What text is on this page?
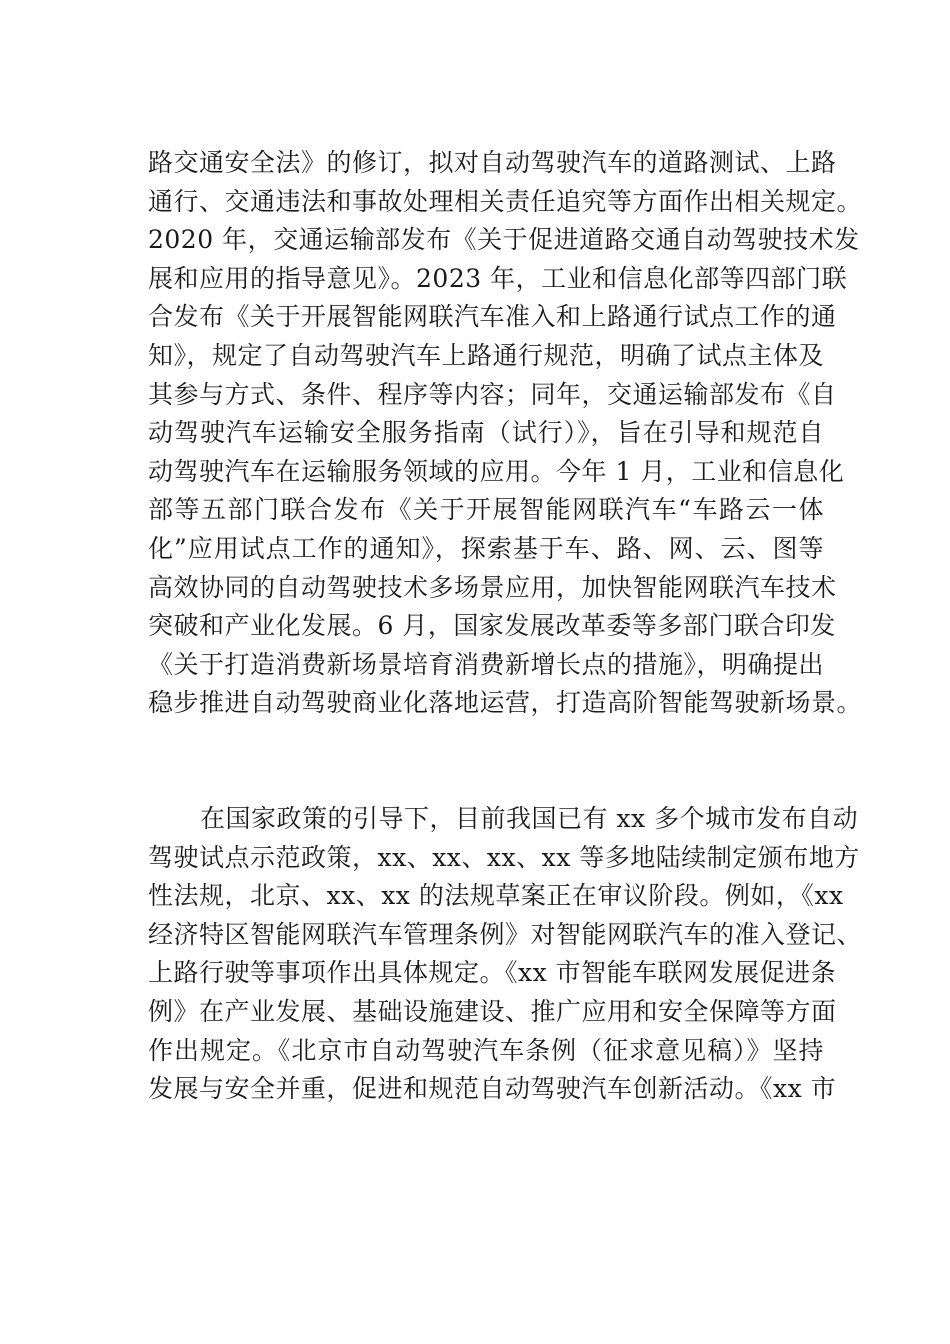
路交通安全法》的修订，拟对自动驾驶汽车的道路测试、上路
通行、交通违法和事故处理相关责任追究等方面作出相关规定。
2020 年，交通运输部发布《关于促进道路交通自动驾驶技术发
展和应用的指导意见》。2023 年，工业和信息化部等四部门联
合发布《关于开展智能网联汽车准入和上路通行试点工作的通
知》，规定了自动驾驶汽车上路通行规范，明确了试点主体及
其参与方式、条件、程序等内容；同年，交通运输部发布《自
动驾驶汽车运输安全服务指南（试行）》，旨在引导和规范自
动驾驶汽车在运输服务领域的应用。今年 1 月，工业和信息化
部等五部门联合发布《关于开展智能网联汽车“车路云一体
化”应用试点工作的通知》，探索基于车、路、网、云、图等
高效协同的自动驾驶技术多场景应用，加快智能网联汽车技术
突破和产业化发展。6 月，国家发展改革委等多部门联合印发
《关于打造消费新场景培育消费新增长点的措施》，明确提出
稳步推进自动驾驶商业化落地运营，打造高阶智能驾驶新场景。
在国家政策的引导下，目前我国已有 xx 多个城市发布自动
驾驶试点示范政策，xx、xx、xx、xx 等多地陆续制定颁布地方
性法规，北京、xx、xx 的法规草案正在审议阶段。例如，《xx
经济特区智能网联汽车管理条例》对智能网联汽车的准入登记、
上路行驶等事项作出具体规定。《xx 市智能车联网发展促进条
例》在产业发展、基础设施建设、推广应用和安全保障等方面
作出规定。《北京市自动驾驶汽车条例（征求意见稿）》坚持
发展与安全并重，促进和规范自动驾驶汽车创新活动。《xx 市
